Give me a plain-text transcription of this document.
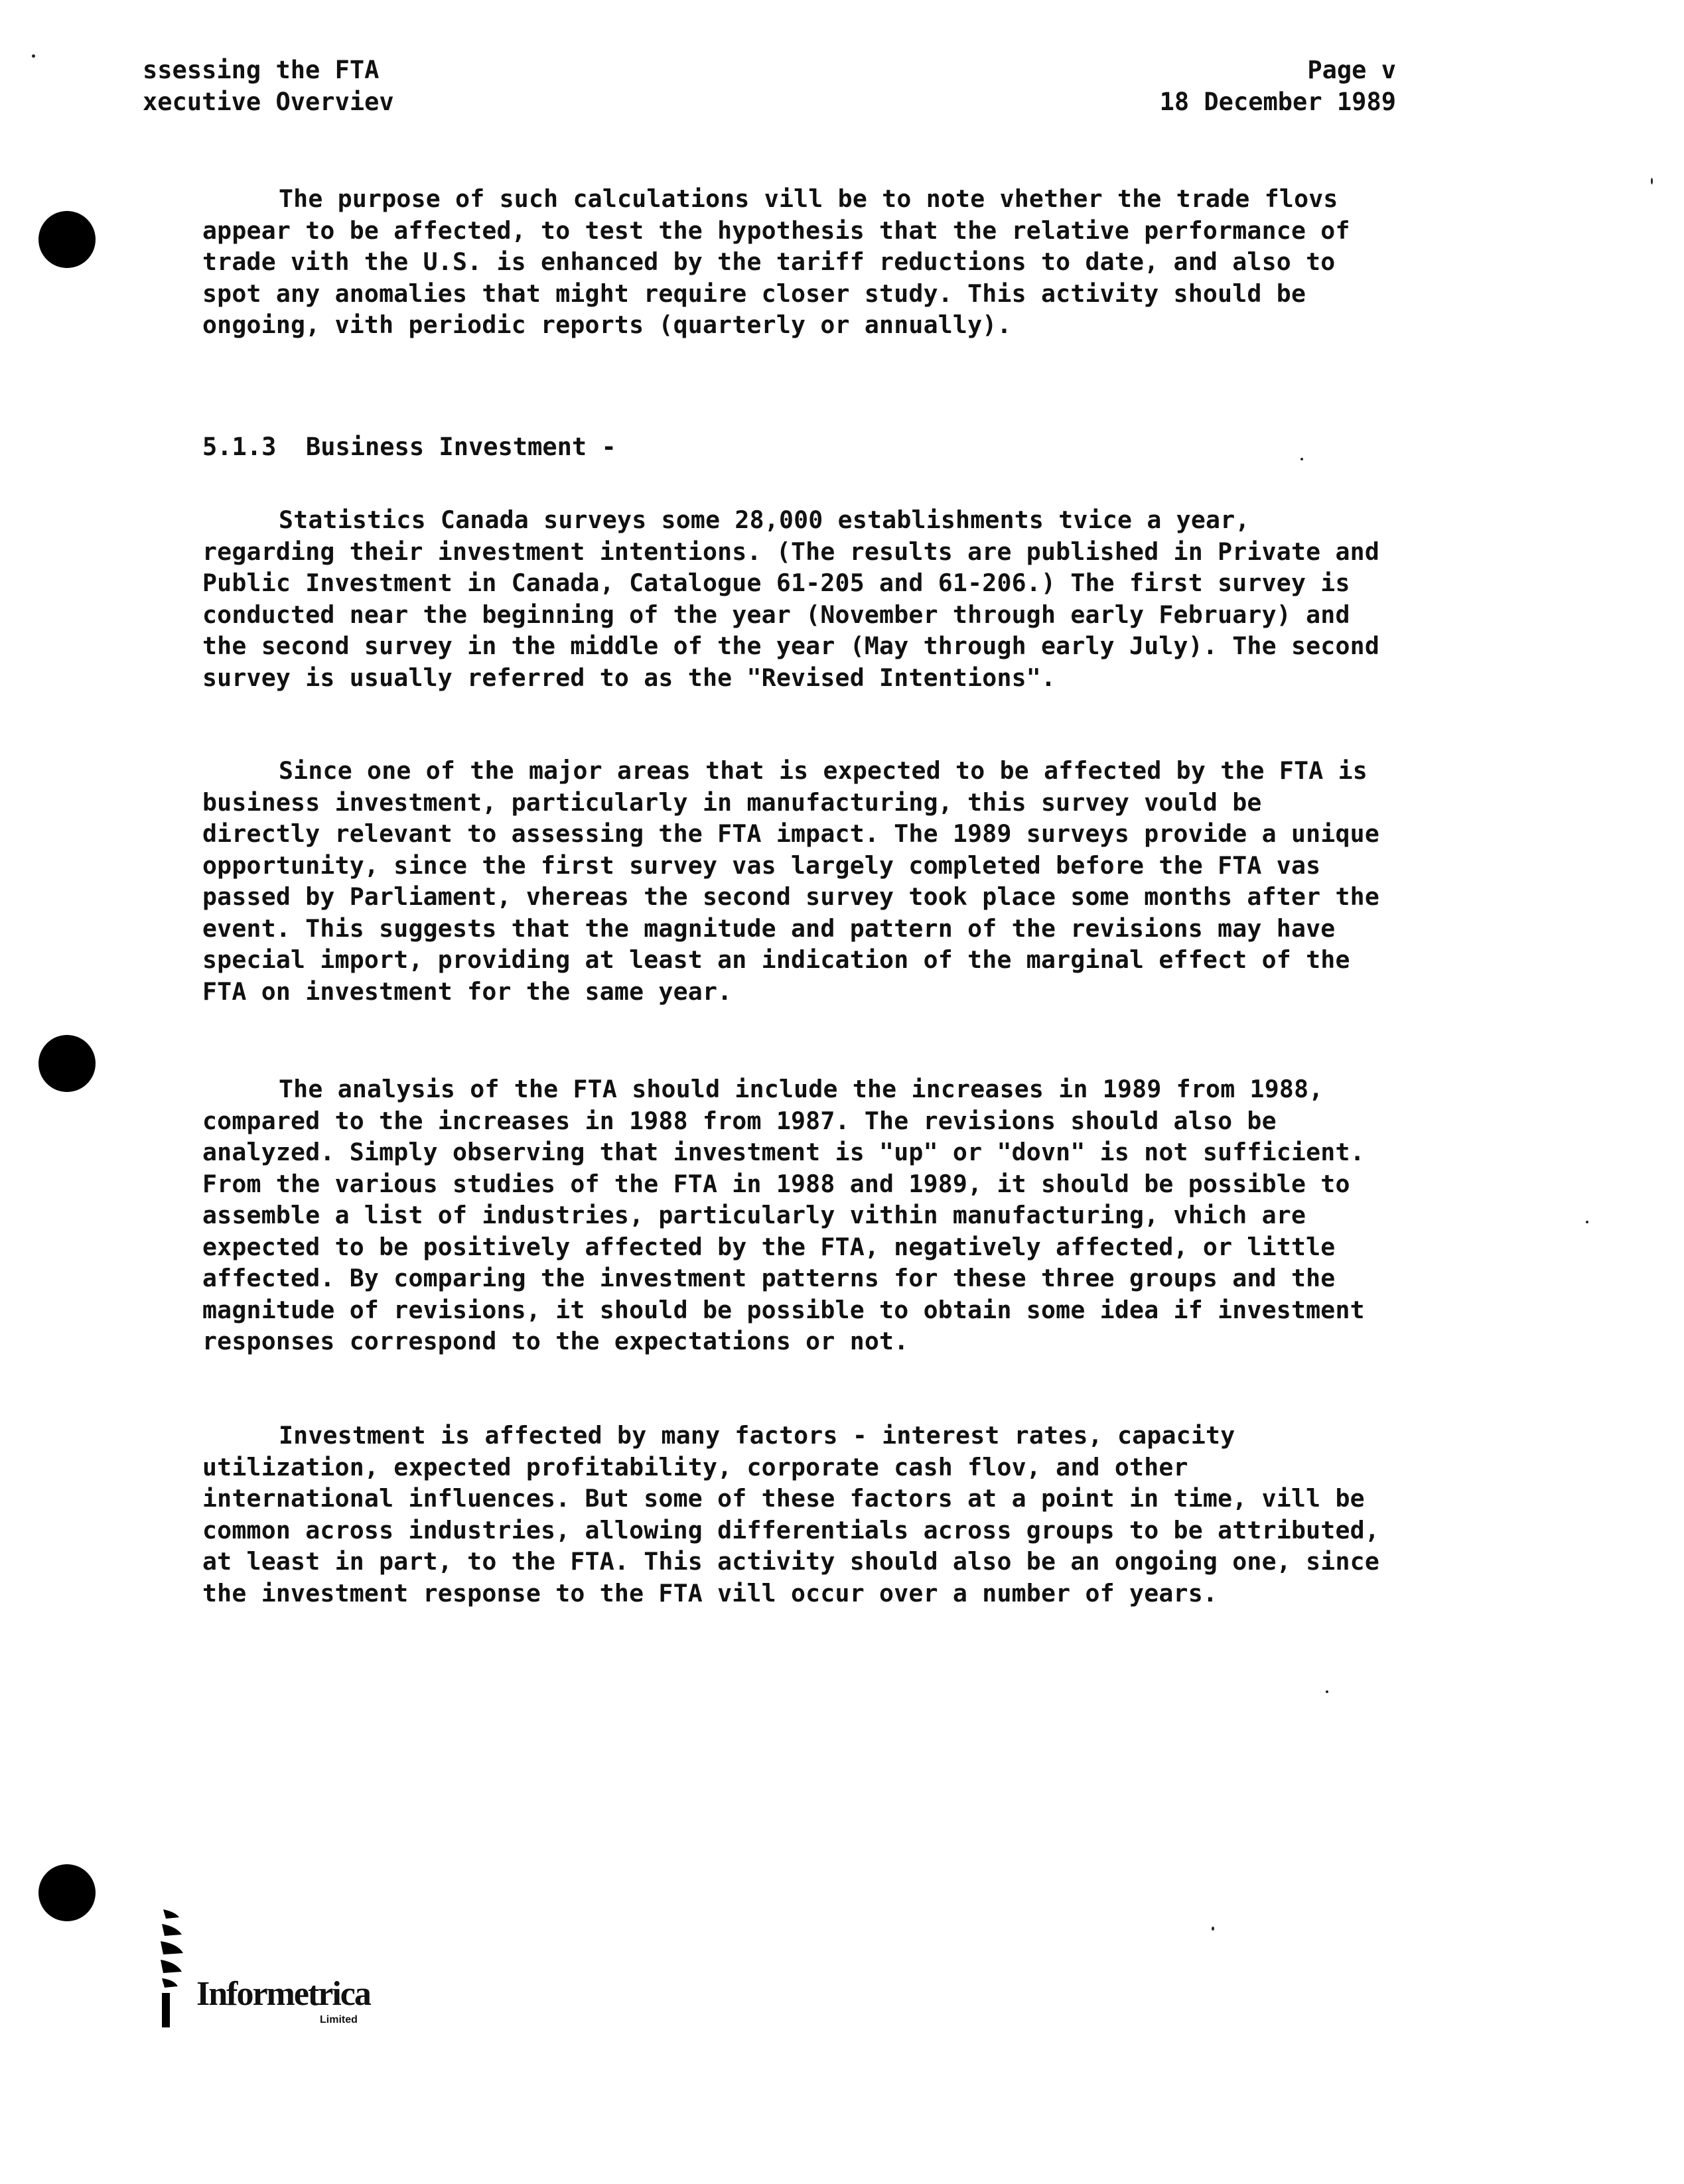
ssessing the FTA
xecutive Overviev
Page v
18 December 1989
The purpose of such calculations vill be to note vhether the trade flovs appear to be affected, to test the hypothesis that the relative performance of trade vith the U.S. is enhanced by the tariff reductions to date, and also to spot any anomalies that might require closer study. This activity should be ongoing, vith periodic reports (quarterly or annually).
5.1.3  Business Investment -
Statistics Canada surveys some 28,000 establishments tvice a year, regarding their investment intentions. (The results are published in Private and Public Investment in Canada, Catalogue 61-205 and 61-206.) The first survey is conducted near the beginning of the year (November through early February) and the second survey in the middle of the year (May through early July). The second survey is usually referred to as the "Revised Intentions".
Since one of the major areas that is expected to be affected by the FTA is business investment, particularly in manufacturing, this survey vould be directly relevant to assessing the FTA impact. The 1989 surveys provide a unique opportunity, since the first survey vas largely completed before the FTA vas passed by Parliament, vhereas the second survey took place some months after the event. This suggests that the magnitude and pattern of the revisions may have special import, providing at least an indication of the marginal effect of the FTA on investment for the same year.
The analysis of the FTA should include the increases in 1989 from 1988, compared to the increases in 1988 from 1987. The revisions should also be analyzed. Simply observing that investment is "up" or "dovn" is not sufficient. From the various studies of the FTA in 1988 and 1989, it should be possible to assemble a list of industries, particularly vithin manufacturing, vhich are expected to be positively affected by the FTA, negatively affected, or little affected. By comparing the investment patterns for these three groups and the magnitude of revisions, it should be possible to obtain some idea if investment responses correspond to the expectations or not.
Investment is affected by many factors - interest rates, capacity utilization, expected profitability, corporate cash flov, and other international influences. But some of these factors at a point in time, vill be common across industries, allowing differentials across groups to be attributed, at least in part, to the FTA. This activity should also be an ongoing one, since the investment response to the FTA vill occur over a number of years.
Informetrica
Limited
